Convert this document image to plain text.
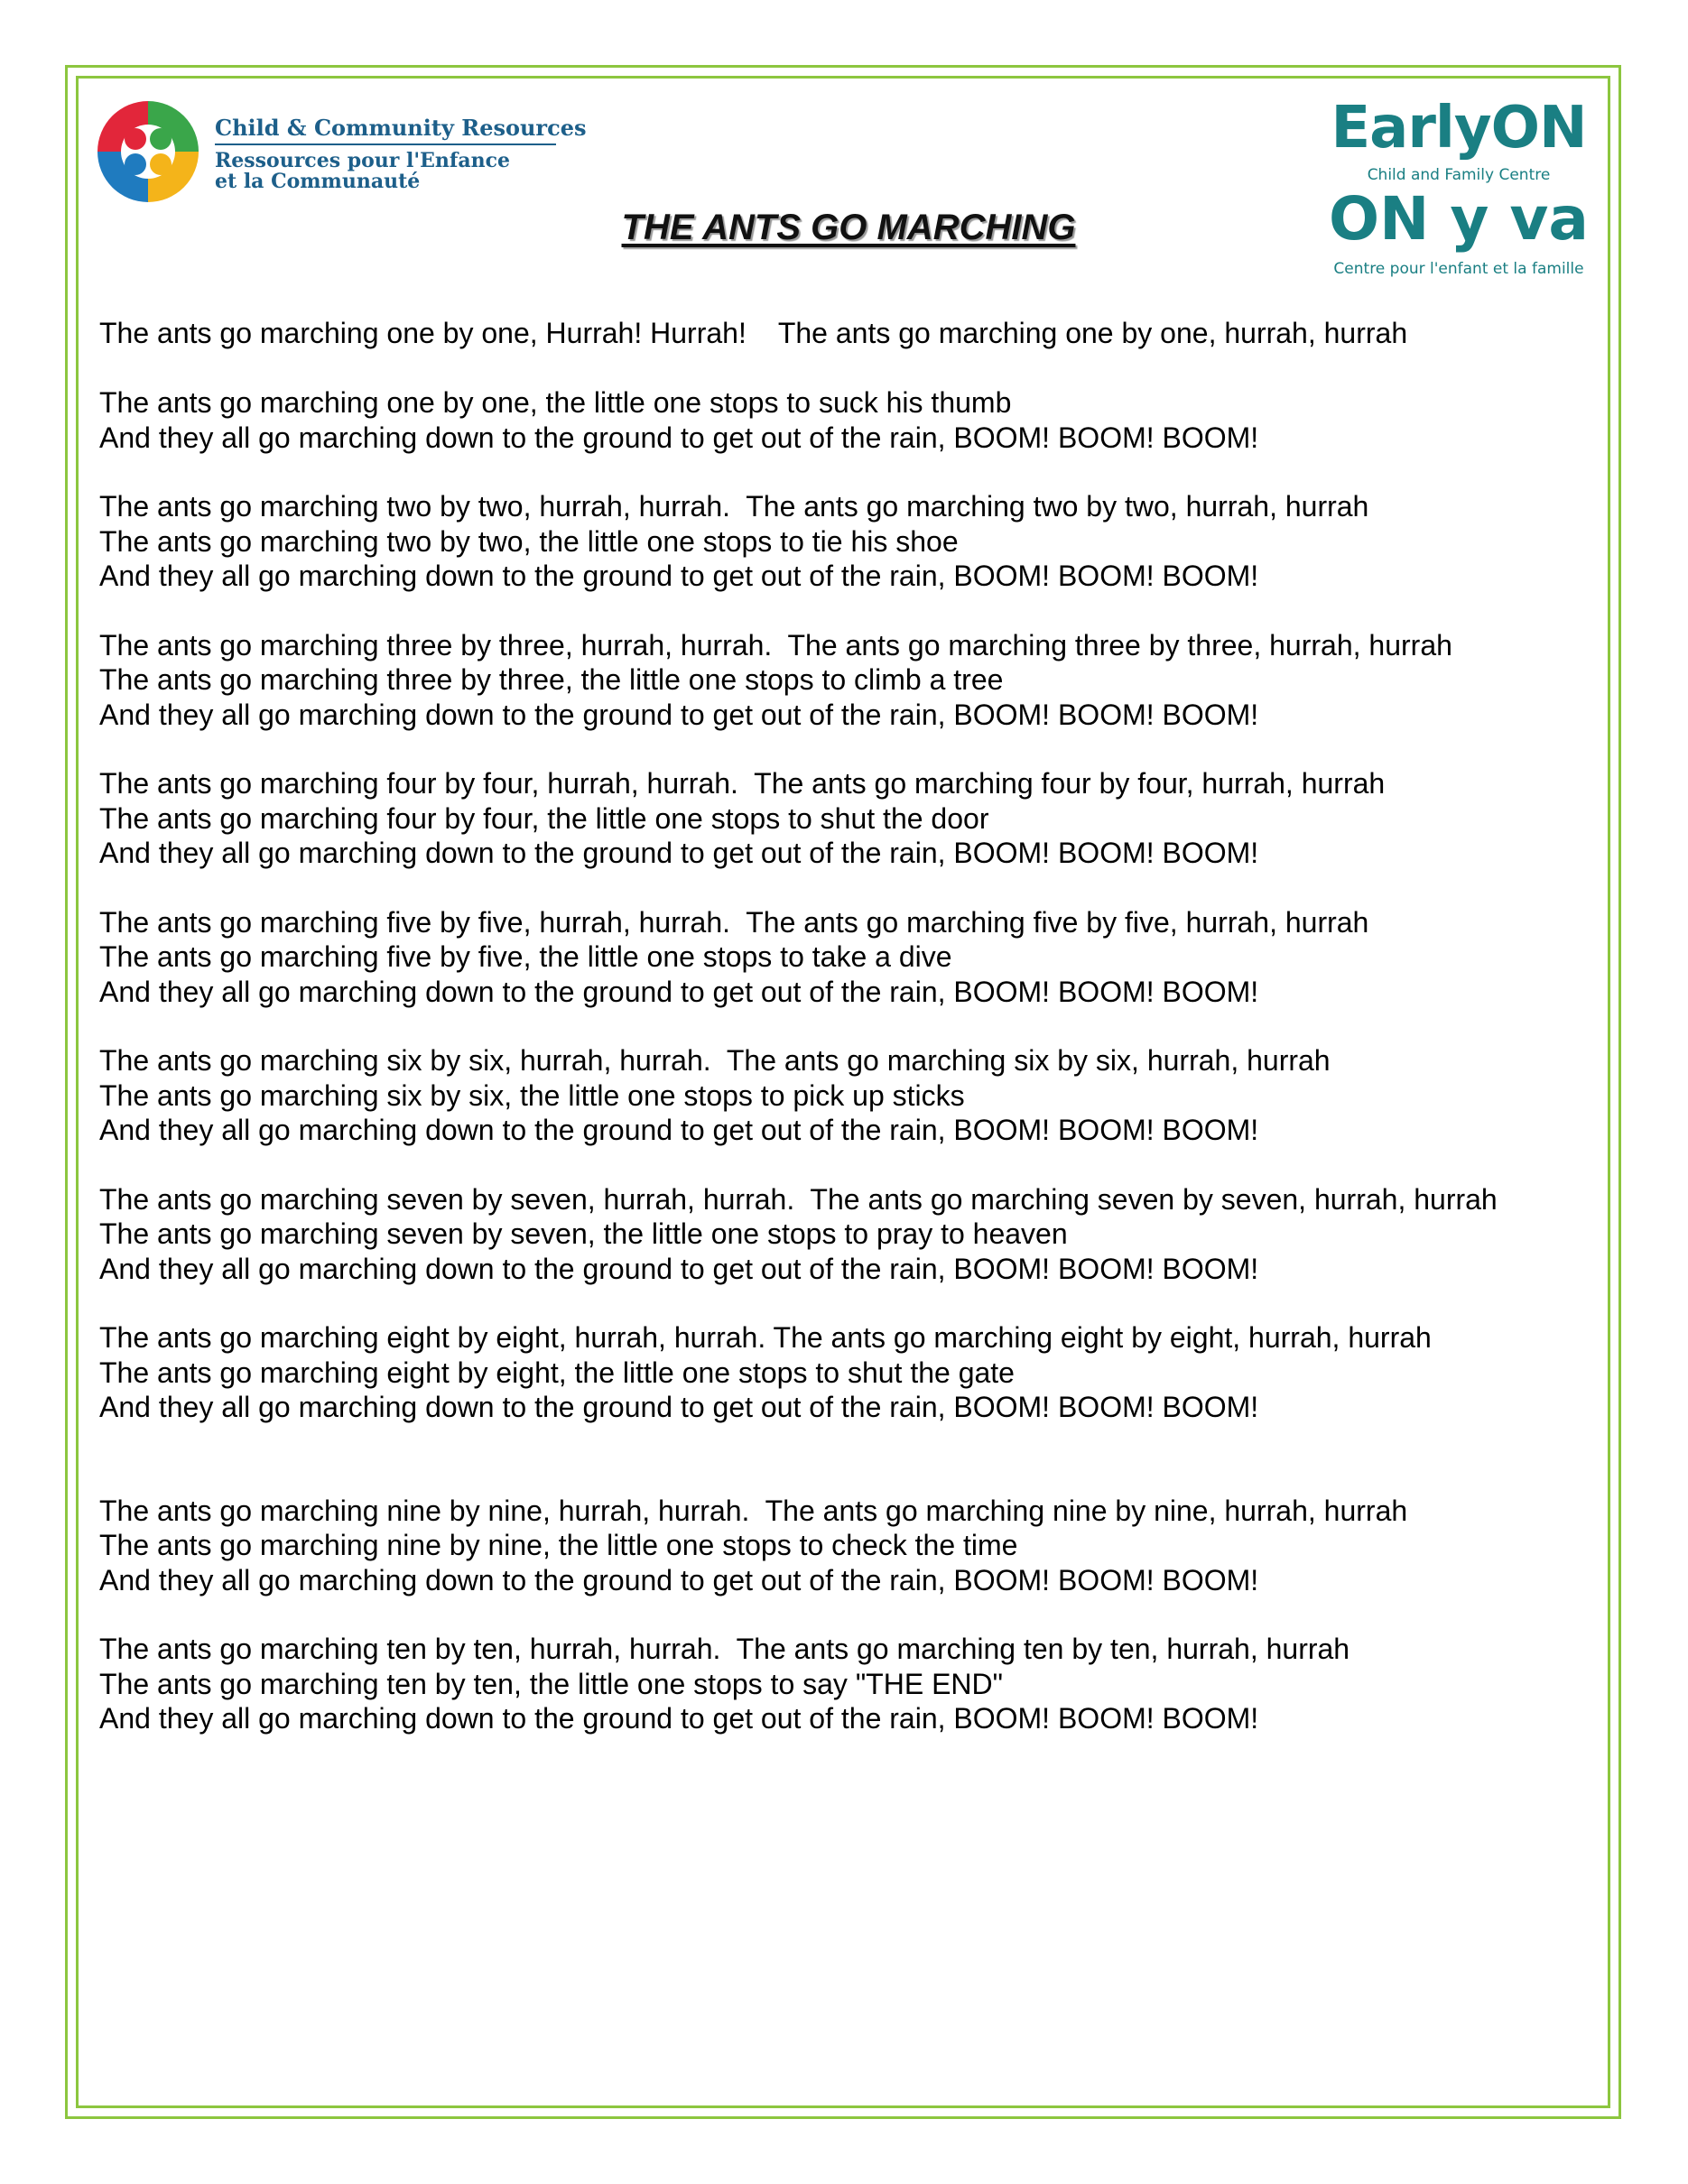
Child & Community Resources
Ressources pour l'Enfance
et la Communauté
EarlyON
Child and Family Centre
ON y va
Centre pour l'enfant et la famille
THE ANTS GO MARCHING
The ants go marching one by one, Hurrah! Hurrah!    The ants go marching one by one, hurrah, hurrah
The ants go marching one by one, the little one stops to suck his thumb
And they all go marching down to the ground to get out of the rain, BOOM! BOOM! BOOM!
The ants go marching two by two, hurrah, hurrah.  The ants go marching two by two, hurrah, hurrah
The ants go marching two by two, the little one stops to tie his shoe
And they all go marching down to the ground to get out of the rain, BOOM! BOOM! BOOM!
The ants go marching three by three, hurrah, hurrah.  The ants go marching three by three, hurrah, hurrah
The ants go marching three by three, the little one stops to climb a tree
And they all go marching down to the ground to get out of the rain, BOOM! BOOM! BOOM!
The ants go marching four by four, hurrah, hurrah.  The ants go marching four by four, hurrah, hurrah
The ants go marching four by four, the little one stops to shut the door
And they all go marching down to the ground to get out of the rain, BOOM! BOOM! BOOM!
The ants go marching five by five, hurrah, hurrah.  The ants go marching five by five, hurrah, hurrah
The ants go marching five by five, the little one stops to take a dive
And they all go marching down to the ground to get out of the rain, BOOM! BOOM! BOOM!
The ants go marching six by six, hurrah, hurrah.  The ants go marching six by six, hurrah, hurrah
The ants go marching six by six, the little one stops to pick up sticks
And they all go marching down to the ground to get out of the rain, BOOM! BOOM! BOOM!
The ants go marching seven by seven, hurrah, hurrah.  The ants go marching seven by seven, hurrah, hurrah
The ants go marching seven by seven, the little one stops to pray to heaven
And they all go marching down to the ground to get out of the rain, BOOM! BOOM! BOOM!
The ants go marching eight by eight, hurrah, hurrah. The ants go marching eight by eight, hurrah, hurrah
The ants go marching eight by eight, the little one stops to shut the gate
And they all go marching down to the ground to get out of the rain, BOOM! BOOM! BOOM!
The ants go marching nine by nine, hurrah, hurrah.  The ants go marching nine by nine, hurrah, hurrah
The ants go marching nine by nine, the little one stops to check the time
And they all go marching down to the ground to get out of the rain, BOOM! BOOM! BOOM!
The ants go marching ten by ten, hurrah, hurrah.  The ants go marching ten by ten, hurrah, hurrah
The ants go marching ten by ten, the little one stops to say "THE END"
And they all go marching down to the ground to get out of the rain, BOOM! BOOM! BOOM!
